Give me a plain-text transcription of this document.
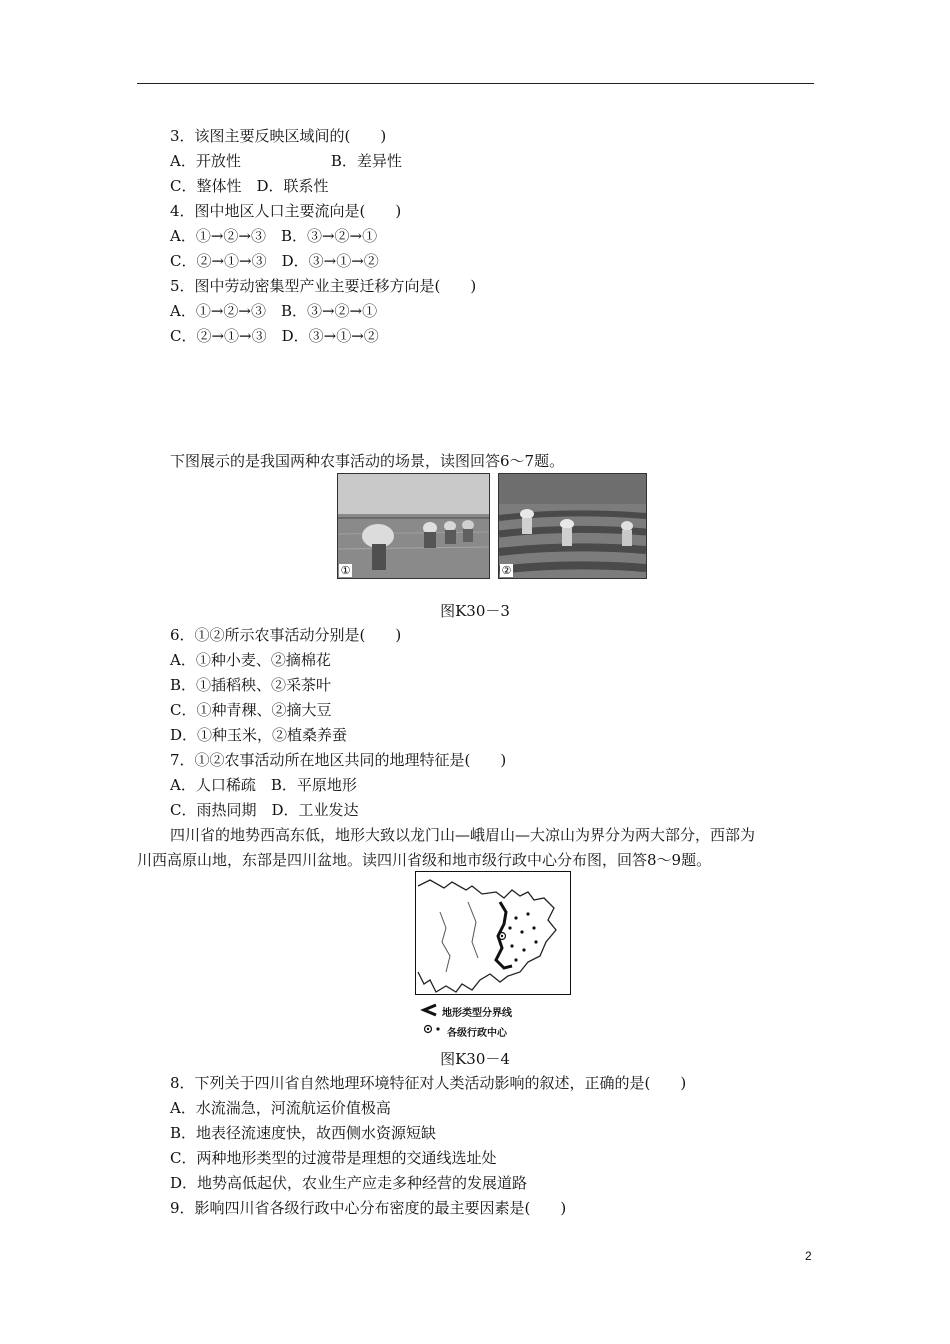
3．该图主要反映区域间的(　　)
A．开放性　　　　　　B．差异性
C．整体性　D．联系性
4．图中地区人口主要流向是(　　)
A．①→②→③　B．③→②→①
C．②→①→③　D．③→①→②
5．图中劳动密集型产业主要迁移方向是(　　)
A．①→②→③　B．③→②→①
C．②→①→③　D．③→①→②
下图展示的是我国两种农事活动的场景，读图回答6～7题。
①	②
图K30－3
6．①②所示农事活动分别是(　　)
A．①种小麦、②摘棉花
B．①插稻秧、②采茶叶
C．①种青稞、②摘大豆
D．①种玉米，②植桑养蚕
7．①②农事活动所在地区共同的地理特征是(　　)
A．人口稀疏　B．平原地形
C．雨热同期　D．工业发达
四川省的地势西高东低，地形大致以龙门山—峨眉山—大凉山为界分为两大部分，西部为
川西高原山地，东部是四川盆地。读四川省级和地市级行政中心分布图，回答8～9题。
地形类型分界线
各级行政中心
图K30－4
8．下列关于四川省自然地理环境特征对人类活动影响的叙述，正确的是(　　)
A．水流湍急，河流航运价值极高
B．地表径流速度快，故西侧水资源短缺
C．两种地形类型的过渡带是理想的交通线选址处
D．地势高低起伏，农业生产应走多种经营的发展道路
9．影响四川省各级行政中心分布密度的最主要因素是(　　)
2
